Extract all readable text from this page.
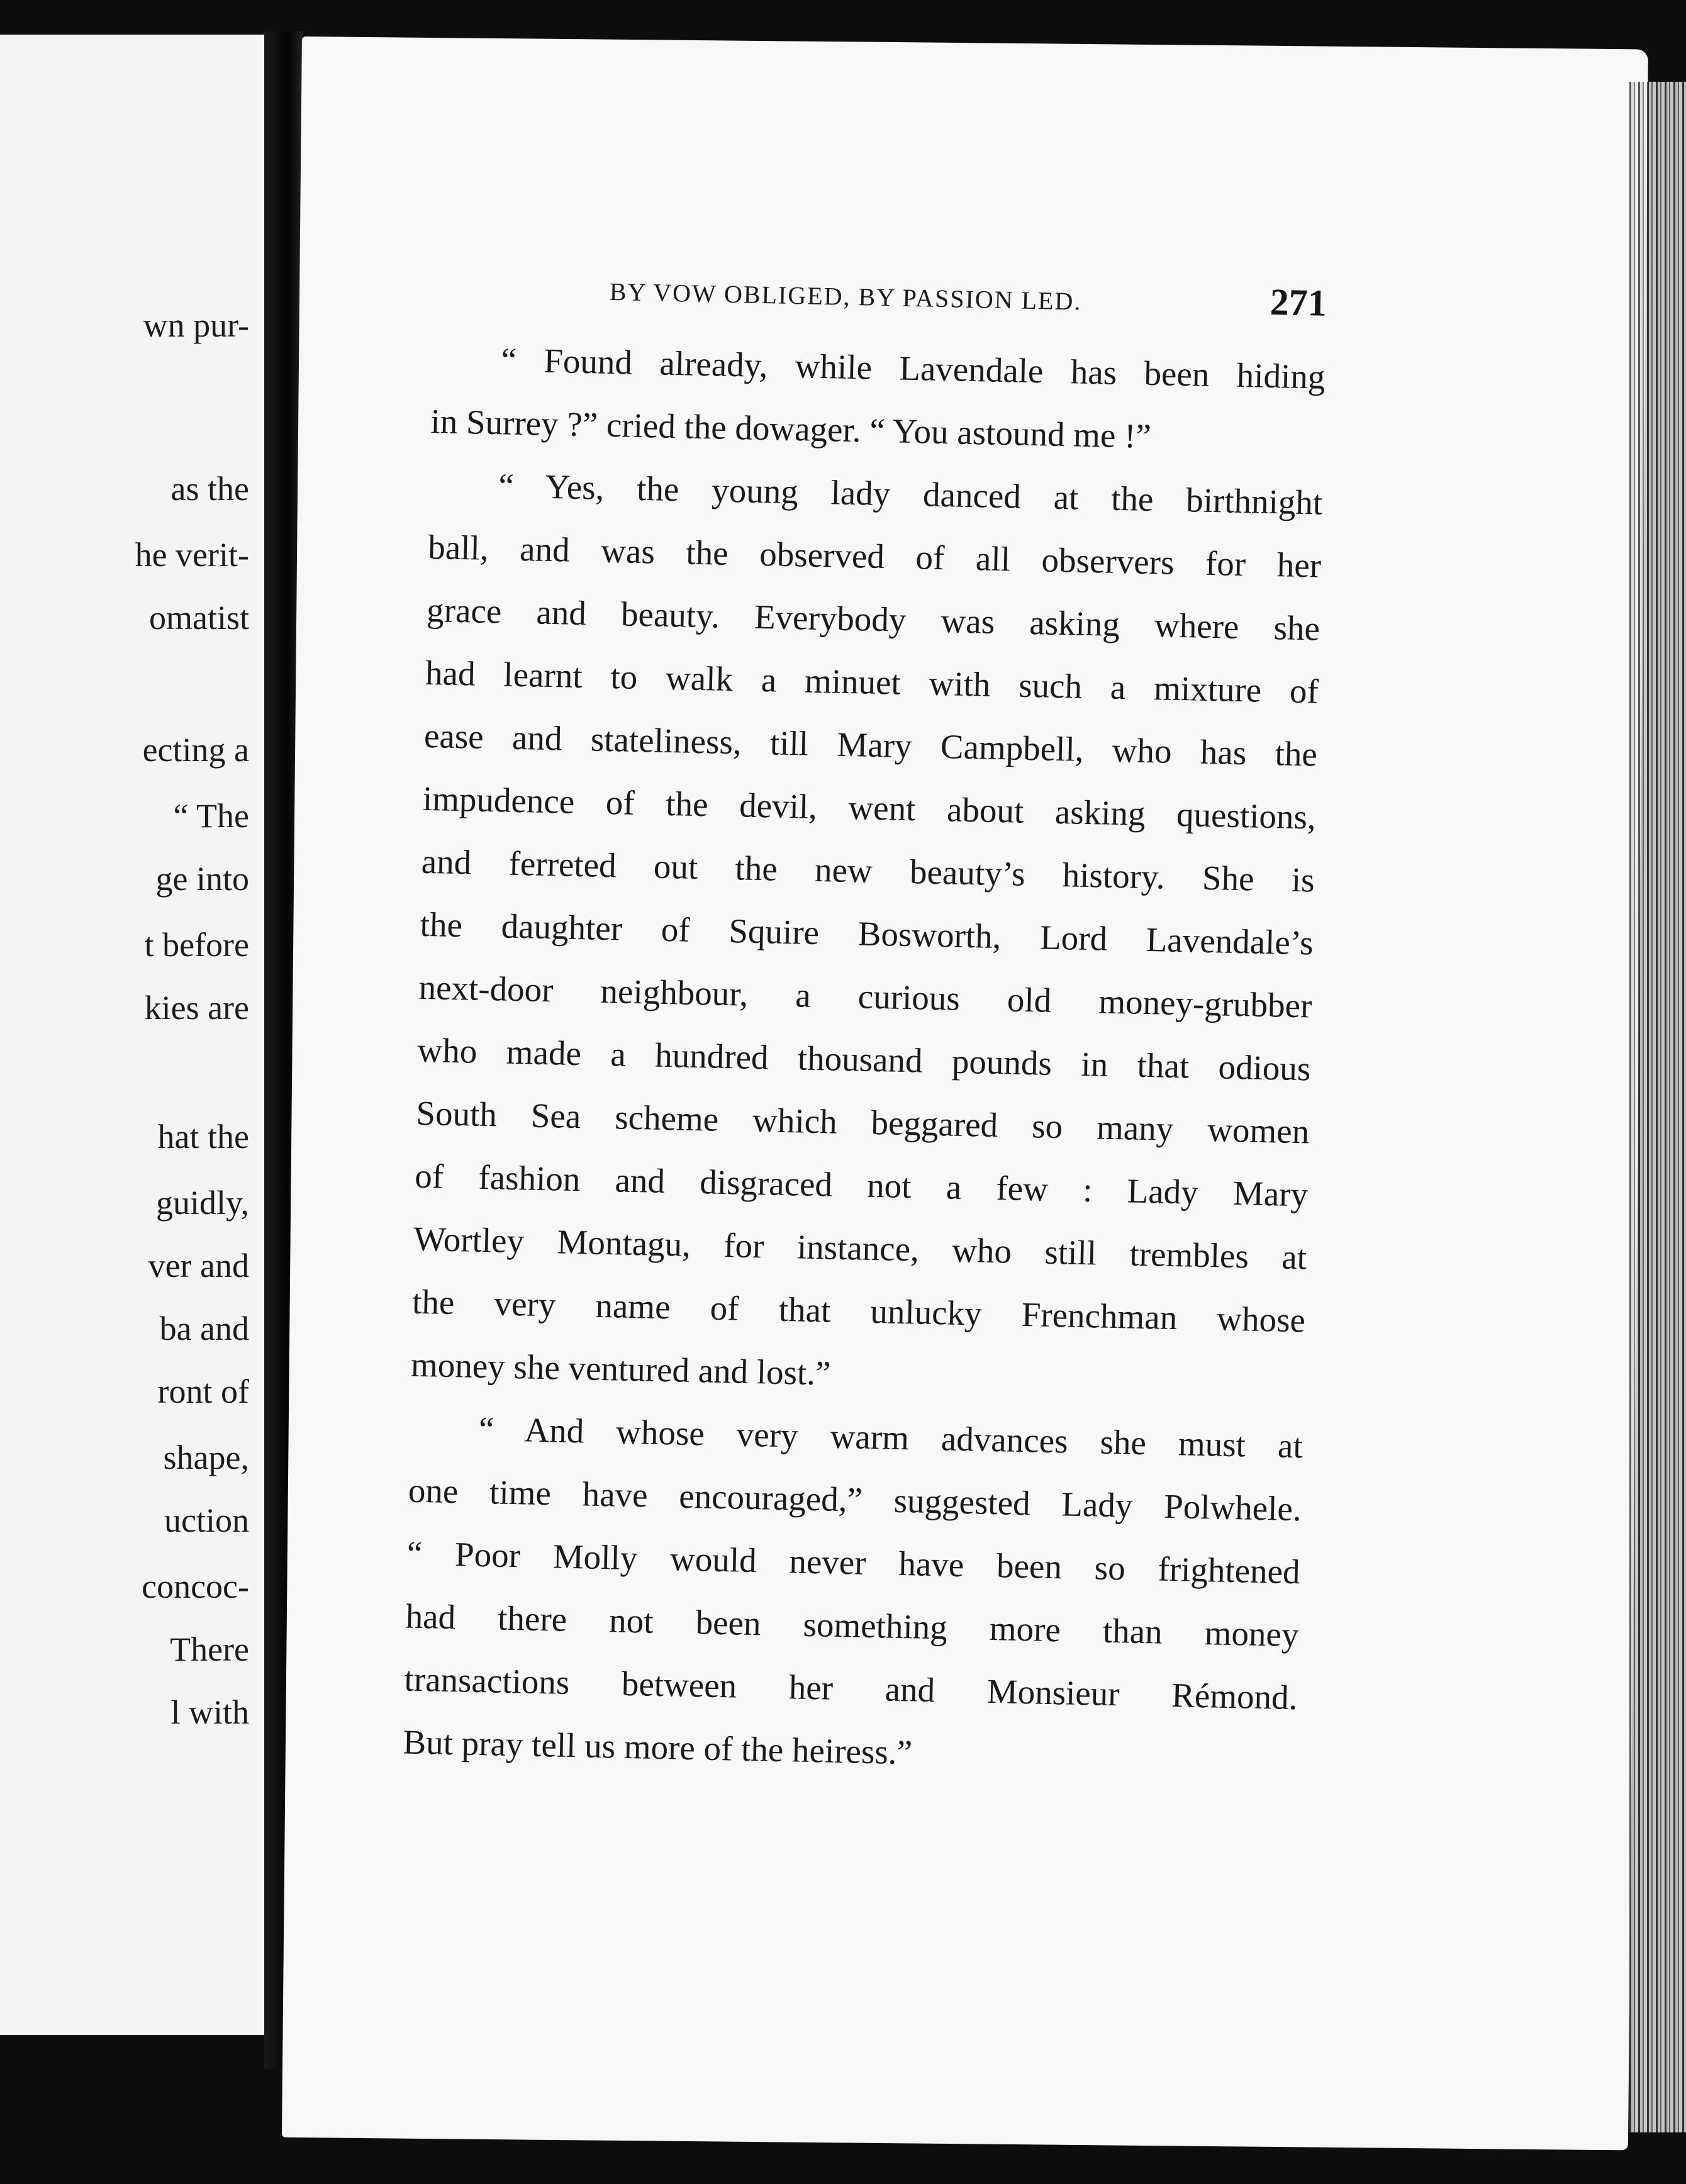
wn pur-
as the
he verit-
omatist
ecting a
“ The
ge into
t before
kies are
hat the
guidly,
ver and
ba and
ront of
shape,
uction
concoc-
There
l with
BY VOW OBLIGED, BY PASSION LED.	271

“ Found already, while Lavendale has been hiding
in Surrey ?” cried the dowager. “ You astound me !”

“ Yes, the young lady danced at the birthnight
ball, and was the observed of all observers for her
grace and beauty. Everybody was asking where she
had learnt to walk a minuet with such a mixture of
ease and stateliness, till Mary Campbell, who has the
impudence of the devil, went about asking questions,
and ferreted out the new beauty’s history. She is
the daughter of Squire Bosworth, Lord Lavendale’s
next-door neighbour, a curious old money-grubber
who made a hundred thousand pounds in that odious
South Sea scheme which beggared so many women
of fashion and disgraced not a few : Lady Mary
Wortley Montagu, for instance, who still trembles at
the very name of that unlucky Frenchman whose
money she ventured and lost.”

“ And whose very warm advances she must at
one time have encouraged,” suggested Lady Polwhele.
“ Poor Molly would never have been so frightened
had there not been something more than money
transactions between her and Monsieur Rémond.
But pray tell us more of the heiress.”
